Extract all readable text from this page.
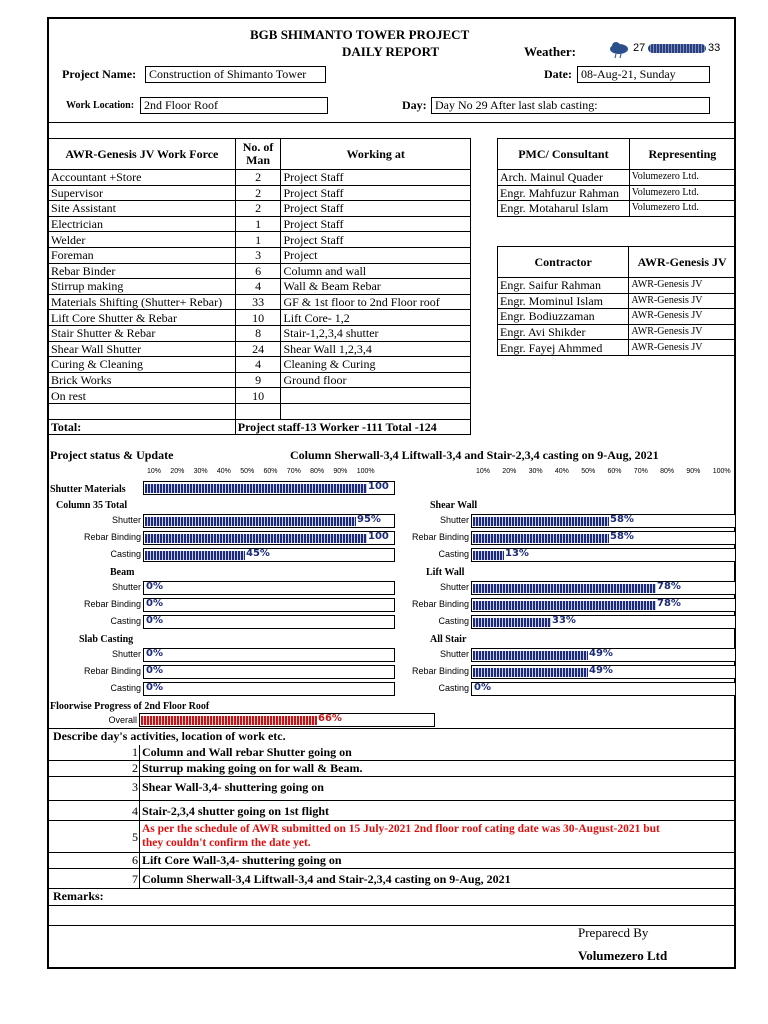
BGB SHIMANTO TOWER PROJECT
DAILY REPORT	Weather:	27	33
Project Name:	Construction of Shimanto Tower	Date: 08-Aug-21, Sunday
Work Location: 2nd Floor Roof	Day: Day No 29 After last slab casting:
AWR-Genesis JV Work Force	No. of Man	Working at
Accountant +Store	2	Project Staff
Supervisor	2	Project Staff
Site Assistant	2	Project Staff
Electrician	1	Project Staff
Welder	1	Project Staff
Foreman	3	Project
Rebar Binder	6	Column and wall
Stirrup making	4	Wall & Beam Rebar
Materials Shifting (Shutter+ Rebar)	33	GF & 1st floor to 2nd Floor roof
Lift Core Shutter & Rebar	10	Lift Core- 1,2
Stair Shutter & Rebar	8	Stair-1,2,3,4 shutter
Shear Wall Shutter	24	Shear Wall 1,2,3,4
Curing & Cleaning	4	Cleaning & Curing
Brick Works	9	Ground floor
On rest	10	

Total:	Project staff-13 Worker -111 Total -124	
PMC/ Consultant	Representing
Arch. Mainul Quader	Volumezero Ltd.
Engr. Mahfuzur Rahman	Volumezero Ltd.
Engr. Motaharul Islam	Volumezero Ltd.
Contractor	AWR-Genesis JV
Engr. Saifur Rahman	AWR-Genesis JV
Engr. Mominul Islam	AWR-Genesis JV
Engr. Bodiuzzaman	AWR-Genesis JV
Engr. Avi Shikder	AWR-Genesis JV
Engr. Fayej Ahmmed	AWR-Genesis JV
Project status & Update	Column Sherwall-3,4 Liftwall-3,4 and Stair-2,3,4 casting on 9-Aug, 2021
10% 20% 30% 40% 50% 60% 70% 80% 90% 100%	10% 20% 30% 40% 50% 60% 70% 80% 90% 100%
Shutter Materials	100
Column 35 Total
Shutter	95%
Rebar Binding	100
Casting	45%
Beam
Shutter 0%
Rebar Binding 0%
Casting 0%
Slab Casting
Shutter 0%
Rebar Binding 0%
Casting 0%
Shear Wall
Shutter	58%
Rebar Binding	58%
Casting	13%
Lift Wall
Shutter	78%
Rebar Binding	78%
Casting	33%
All Stair
Shutter	49%
Rebar Binding	49%
Casting 0%
Floorwise Progress of 2nd Floor Roof
Overall	66%
Describe day's activities, location of work etc.
1 Column and Wall rebar Shutter going on
2 Sturrup making going on for wall & Beam.
3 Shear Wall-3,4- shuttering going on
4 Stair-2,3,4 shutter going on 1st flight
5
As per the schedule of AWR submitted on 15 July-2021 2nd floor roof cating date was 30-August-2021 but
they couldn't confirm the date yet.
6 Lift Core Wall-3,4- shuttering going on
7 Column Sherwall-3,4 Liftwall-3,4 and Stair-2,3,4 casting on 9-Aug, 2021
Remarks:
Preparecd By
Volumezero Ltd
